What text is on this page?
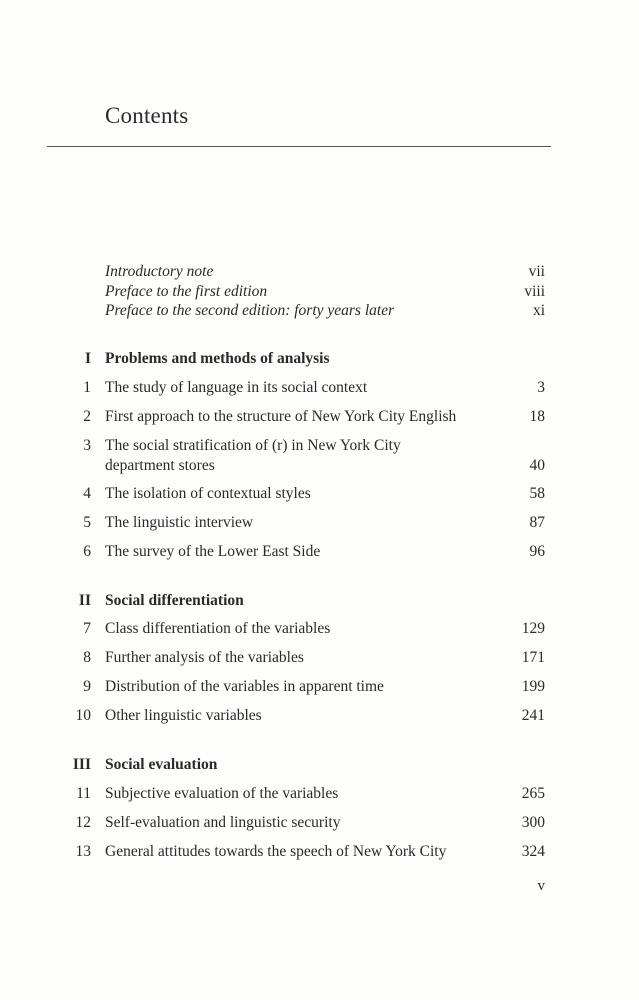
Contents
Introductory note	vii
Preface to the first edition	viii
Preface to the second edition: forty years later	xi
I Problems and methods of analysis
1 The study of language in its social context	3
2 First approach to the structure of New York City English	18
3 The social stratification of (r) in New York City
department stores	40
4 The isolation of contextual styles	58
5 The linguistic interview	87
6 The survey of the Lower East Side	96
II Social differentiation
7 Class differentiation of the variables	129
8 Further analysis of the variables	171
9 Distribution of the variables in apparent time	199
10 Other linguistic variables	241
III Social evaluation
11 Subjective evaluation of the variables	265
12 Self-evaluation and linguistic security	300
13 General attitudes towards the speech of New York City	324
v
